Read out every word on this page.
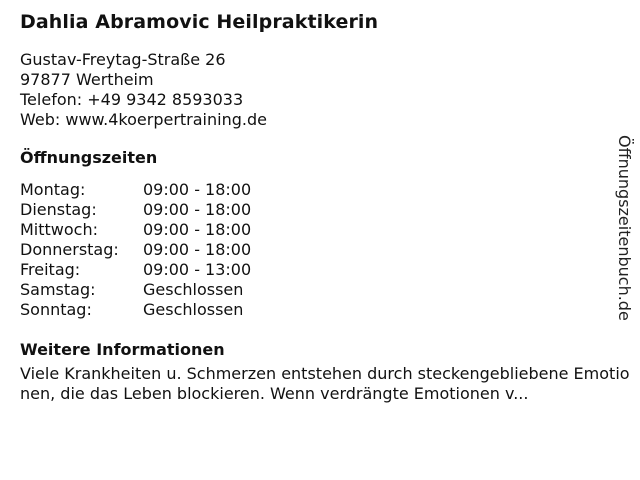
Dahlia Abramovic Heilpraktikerin
Gustav-Freytag-Straße 26
97877 Wertheim
Telefon: +49 9342 8593033
Web: www.4koerpertraining.de
Öffnungszeiten
Montag:	09:00 - 18:00
Dienstag:	09:00 - 18:00
Mittwoch:	09:00 - 18:00
Donnerstag:	09:00 - 18:00
Freitag:	09:00 - 13:00
Samstag:	Geschlossen
Sonntag:	Geschlossen
Weitere Informationen
Viele Krankheiten u. Schmerzen entstehen durch steckengebliebene Emotionen, die das Leben blockieren. Wenn verdrängte Emotionen v...
Öffnungszeitenbuch.de
